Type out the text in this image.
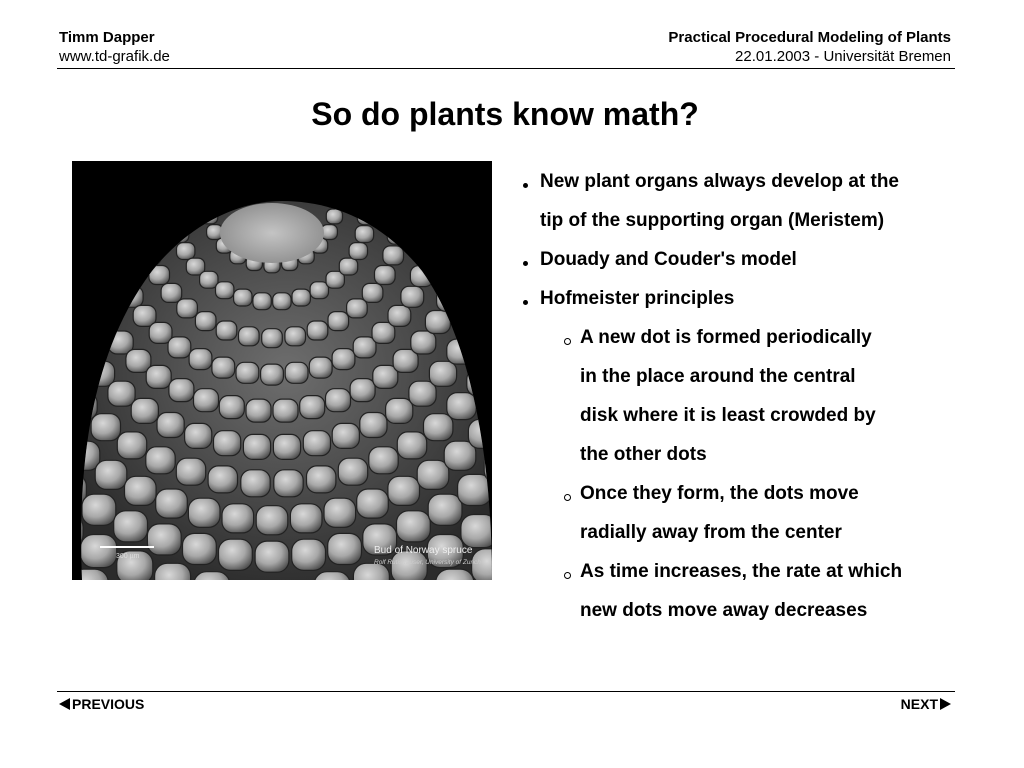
Timm Dapper
www.td-grafik.de
Practical Procedural Modeling of Plants
22.01.2003 - Universität Bremen
So do plants know math?
300 µm
Bud of Norway spruce
Rolf Rutishauser, University of Zurich
New plant organs always develop at the
tip of the supporting organ (Meristem)
Douady and Couder's model
Hofmeister principles
A new dot is formed periodically
in the place around the central
disk where it is least crowded by
the other dots
Once they form, the dots move
radially away from the center
As time increases, the rate at which
new dots move away decreases
PREVIOUS	NEXT
